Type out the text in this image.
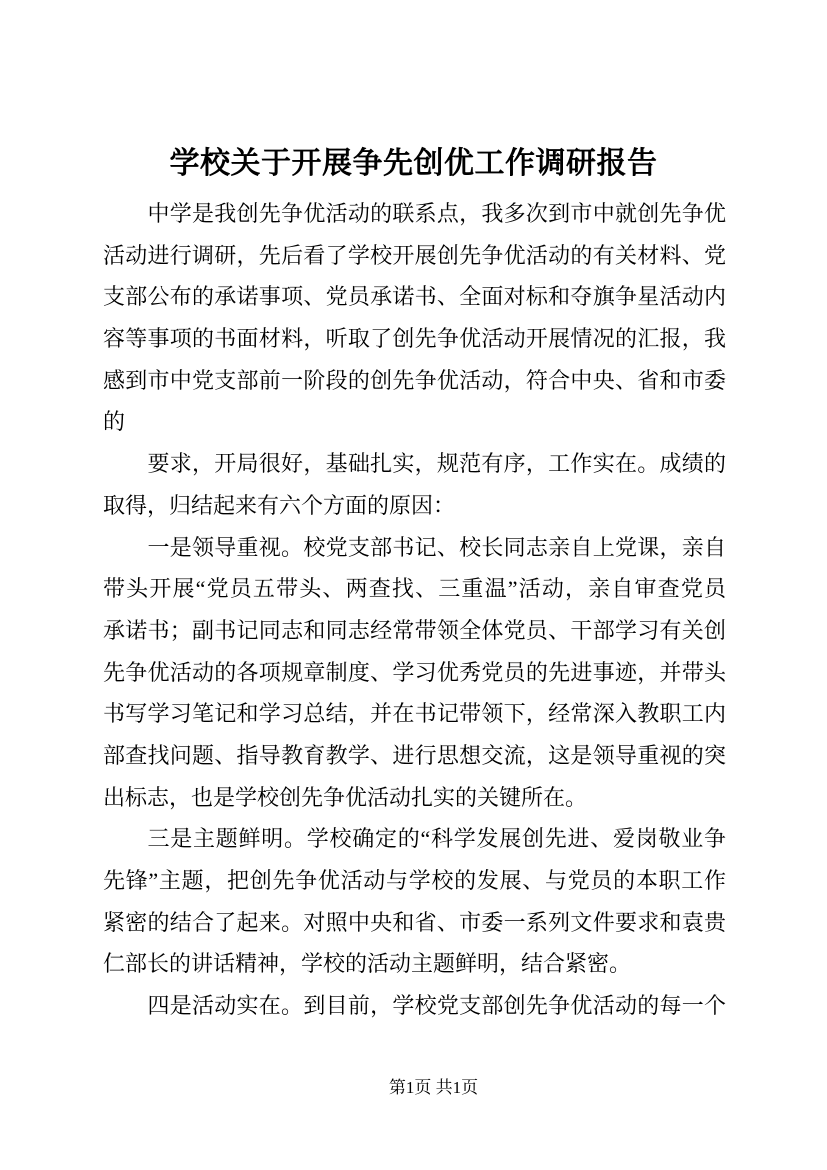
学校关于开展争先创优工作调研报告
中学是我创先争优活动的联系点，我多次到市中就创先争优
活动进行调研，先后看了学校开展创先争优活动的有关材料、党
支部公布的承诺事项、党员承诺书、全面对标和夺旗争星活动内
容等事项的书面材料，听取了创先争优活动开展情况的汇报，我
感到市中党支部前一阶段的创先争优活动，符合中央、省和市委
的
要求，开局很好，基础扎实，规范有序，工作实在。成绩的
取得，归结起来有六个方面的原因：
一是领导重视。校党支部书记、校长同志亲自上党课，亲自
带头开展“党员五带头、两查找、三重温”活动，亲自审查党员
承诺书；副书记同志和同志经常带领全体党员、干部学习有关创
先争优活动的各项规章制度、学习优秀党员的先进事迹，并带头
书写学习笔记和学习总结，并在书记带领下，经常深入教职工内
部查找问题、指导教育教学、进行思想交流，这是领导重视的突
出标志，也是学校创先争优活动扎实的关键所在。
三是主题鲜明。学校确定的“科学发展创先进、爱岗敬业争
先锋”主题，把创先争优活动与学校的发展、与党员的本职工作
紧密的结合了起来。对照中央和省、市委一系列文件要求和袁贵
仁部长的讲话精神，学校的活动主题鲜明，结合紧密。
四是活动实在。到目前，学校党支部创先争优活动的每一个
第1页 共1页
